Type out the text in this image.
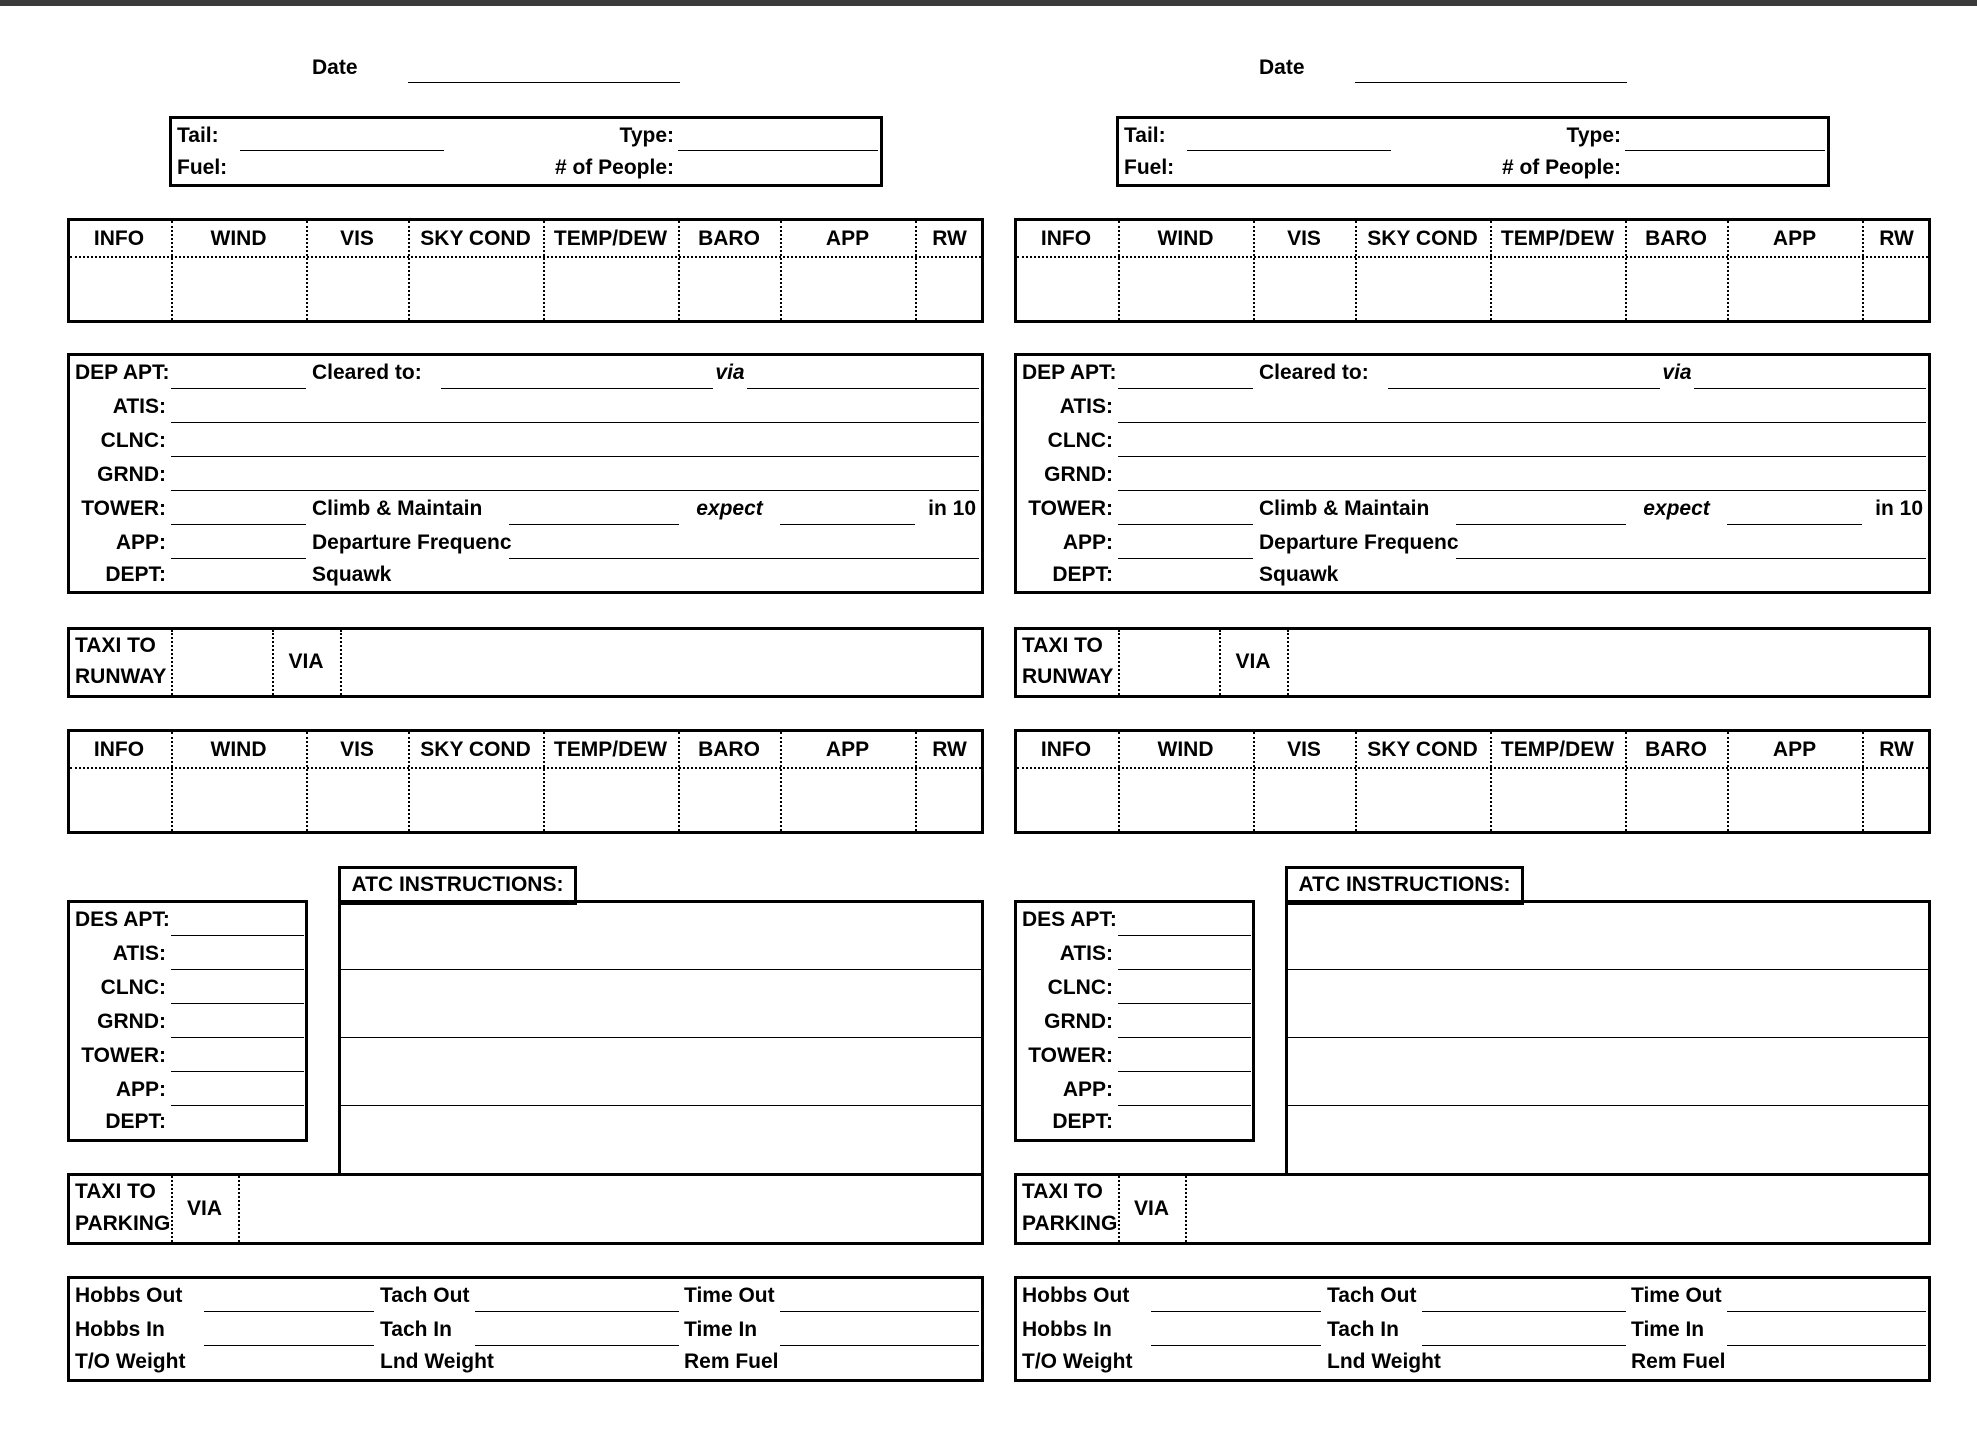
Date
Tail:	Type:
Fuel:	# of People:
INFO	WIND	VIS	SKY COND	TEMP/DEW	BARO	APP	RW
DEP APT:	Cleared to:	via
ATIS:
CLNC:
GRND:
TOWER:	Climb & Maintain	expect	in 10
APP:	Departure Frequenc
DEPT:	Squawk
TAXI TO
RUNWAY
VIA
INFO	WIND	VIS	SKY COND	TEMP/DEW	BARO	APP	RW
ATC INSTRUCTIONS:
DES APT:
ATIS:
CLNC:
GRND:
TOWER:
APP:
DEPT:
TAXI TO
PARKING
VIA
Hobbs Out	Tach Out	Time Out
Hobbs In	Tach In	Time In
T/O Weight	Lnd Weight	Rem Fuel
Date
Tail:	Type:
Fuel:	# of People:
INFO	WIND	VIS	SKY COND	TEMP/DEW	BARO	APP	RW
DEP APT:	Cleared to:	via
ATIS:
CLNC:
GRND:
TOWER:	Climb & Maintain	expect	in 10
APP:	Departure Frequenc
DEPT:	Squawk
TAXI TO
RUNWAY
VIA
INFO	WIND	VIS	SKY COND	TEMP/DEW	BARO	APP	RW
ATC INSTRUCTIONS:
DES APT:
ATIS:
CLNC:
GRND:
TOWER:
APP:
DEPT:
TAXI TO
PARKING
VIA
Hobbs Out	Tach Out	Time Out
Hobbs In	Tach In	Time In
T/O Weight	Lnd Weight	Rem Fuel
